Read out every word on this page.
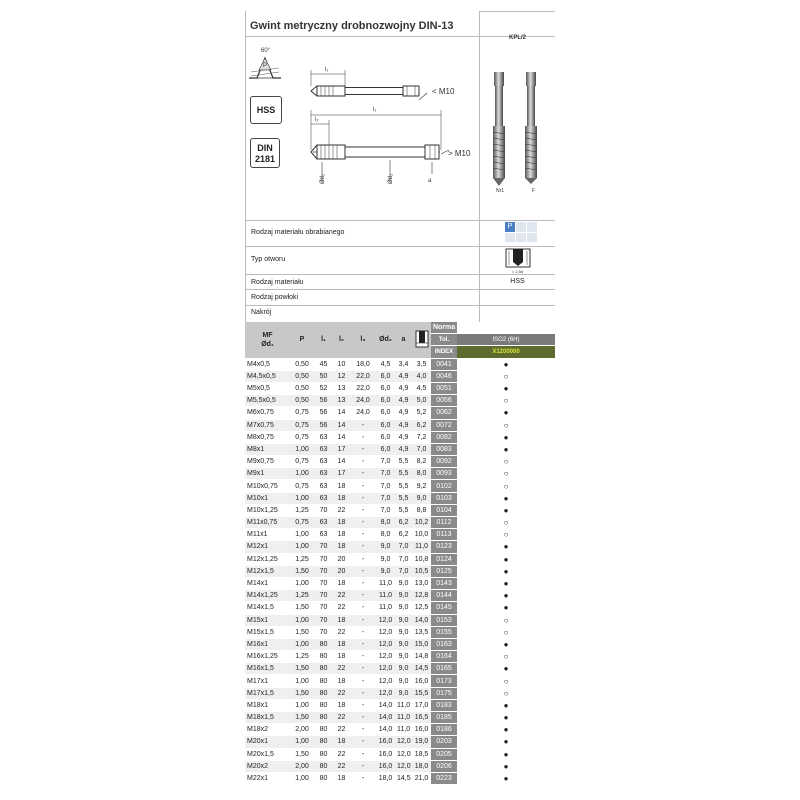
Gwint metryczny drobnozwojny DIN-13
KPL/2
60°
P
l₁
< M10
l₁
l₂
Ød₁	Ød₂	a
> M10
HSS
DIN
2181
Nr1	F
Rodzaj materiału obrabianego
Typ otworu
Rodzaj materiału
Rodzaj powłoki
Nakrój
P
< 2,5d
HSS
MF
Ød₁	P	l₁	l₂	l₃	Ød₂	a		Norma	
								Tol.	ISO2 (6H)
								INDEX	X1200000
M4x0,5	0,50	45	10	18,0	4,5	3,4	3,5	0041	●
M4,5x0,5	0,50	50	12	22,0	6,0	4,9	4,0	0046	○
M5x0,5	0,50	52	13	22,0	6,0	4,9	4,5	0051	●
M5,5x0,5	0,50	56	13	24,0	6,0	4,9	5,0	0056	○
M6x0,75	0,75	56	14	24,0	6,0	4,9	5,2	0062	●
M7x0,75	0,75	56	14	-	6,0	4,9	6,2	0072	○
M8x0,75	0,75	63	14	-	6,0	4,9	7,2	0082	●
M8x1	1,00	63	17	-	6,0	4,9	7,0	0083	●
M9x0,75	0,75	63	14	-	7,0	5,5	8,2	0092	○
M9x1	1,00	63	17	-	7,0	5,5	8,0	0093	○
M10x0,75	0,75	63	18	-	7,0	5,5	9,2	0102	○
M10x1	1,00	63	18	-	7,0	5,5	9,0	0103	●
M10x1,25	1,25	70	22	-	7,0	5,5	8,8	0104	●
M11x0,75	0,75	63	18	-	8,0	6,2	10,2	0112	○
M11x1	1,00	63	18	-	8,0	6,2	10,0	0113	○
M12x1	1,00	70	18	-	9,0	7,0	11,0	0123	●
M12x1,25	1,25	70	20	-	9,0	7,0	10,8	0124	●
M12x1,5	1,50	70	20	-	9,0	7,0	10,5	0125	●
M14x1	1,00	70	18	-	11,0	9,0	13,0	0143	●
M14x1,25	1,25	70	22	-	11,0	9,0	12,8	0144	●
M14x1,5	1,50	70	22	-	11,0	9,0	12,5	0145	●
M15x1	1,00	70	18	-	12,0	9,0	14,0	0153	○
M15x1,5	1,50	70	22	-	12,0	9,0	13,5	0155	○
M16x1	1,00	80	18	-	12,0	9,0	15,0	0163	●
M16x1,25	1,25	80	18	-	12,0	9,0	14,8	0164	○
M16x1,5	1,50	80	22	-	12,0	9,0	14,5	0165	●
M17x1	1,00	80	18	-	12,0	9,0	16,0	0173	○
M17x1,5	1,50	80	22	-	12,0	9,0	15,5	0175	○
M18x1	1,00	80	18	-	14,0	11,0	17,0	0183	●
M18x1,5	1,50	80	22	-	14,0	11,0	16,5	0185	●
M18x2	2,00	80	22	-	14,0	11,0	16,0	0186	●
M20x1	1,00	80	18	-	16,0	12,0	19,0	0203	●
M20x1,5	1,50	80	22	-	16,0	12,0	18,5	0205	●
M20x2	2,00	80	22	-	16,0	12,0	18,0	0206	●
M22x1	1,00	80	18	-	18,0	14,5	21,0	0223	●
